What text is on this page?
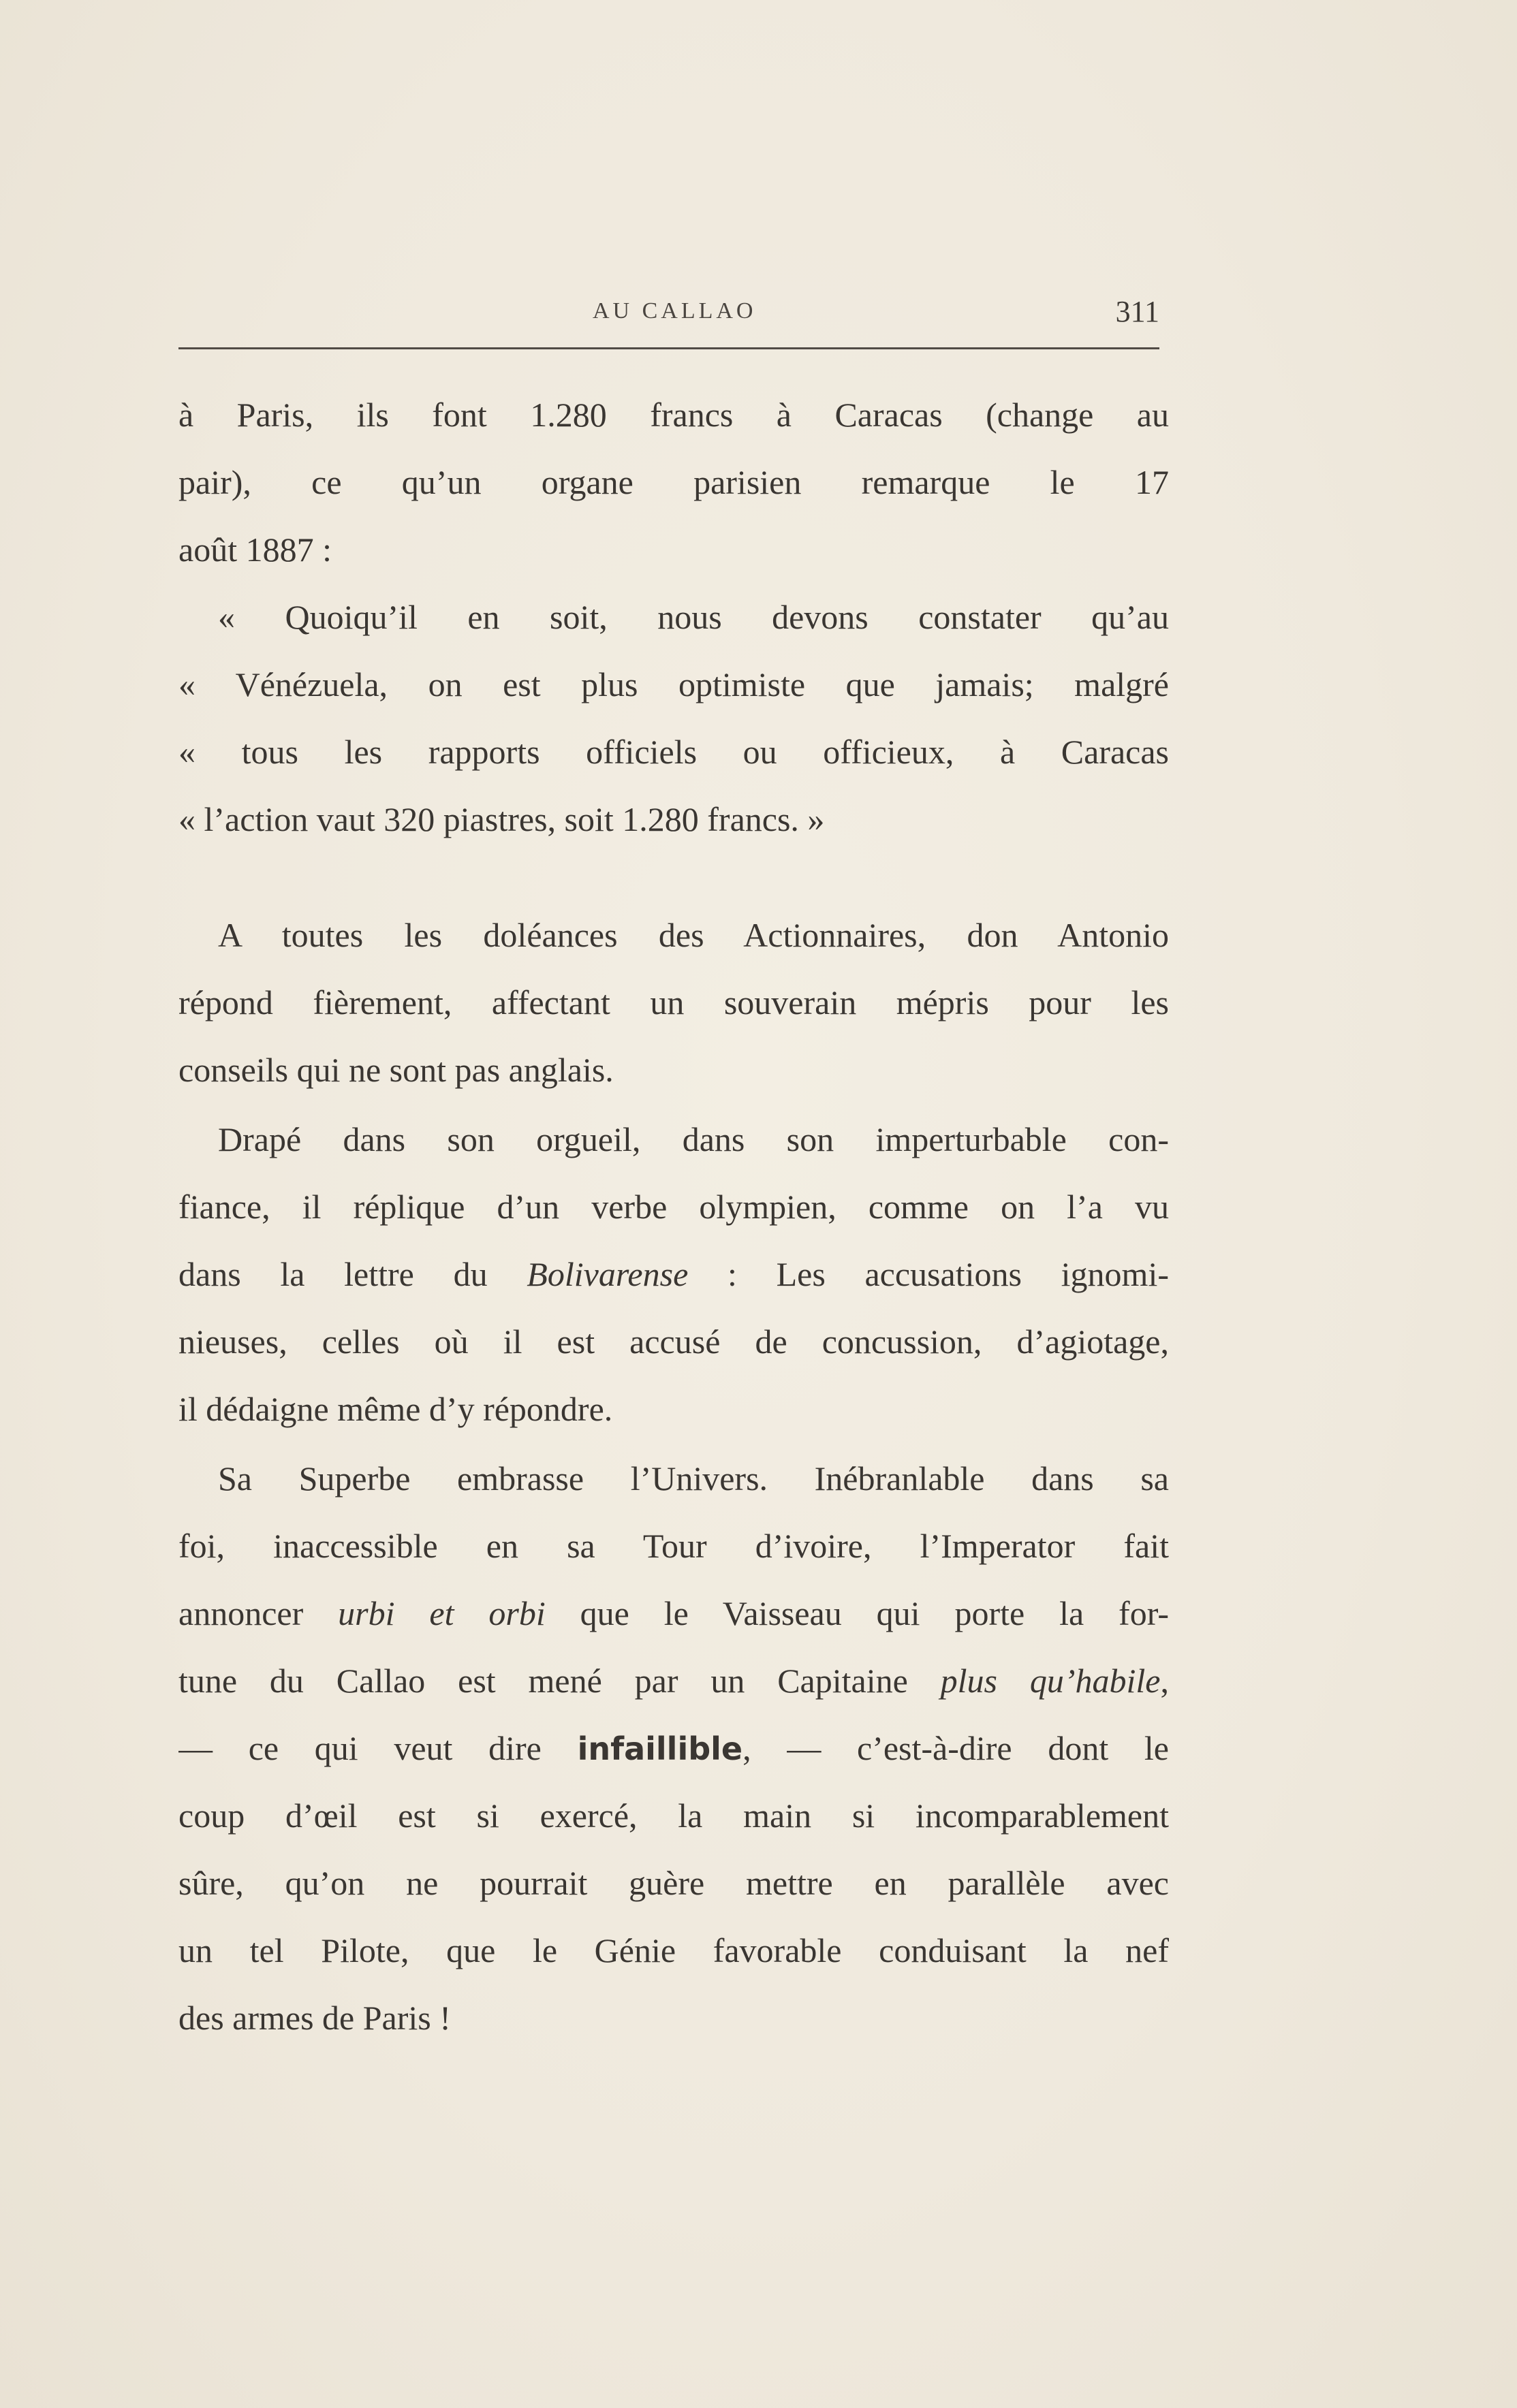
AU CALLAO	311
à Paris, ils font 1.280 francs à Caracas (change au
pair), ce qu’un organe parisien remarque le 17
août 1887 :
« Quoiqu’il en soit, nous devons constater qu’au
« Vénézuela, on est plus optimiste que jamais; malgré
« tous les rapports officiels ou officieux, à Caracas
« l’action vaut 320 piastres, soit 1.280 francs. »
A toutes les doléances des Actionnaires, don Antonio
répond fièrement, affectant un souverain mépris pour les
conseils qui ne sont pas anglais.
Drapé dans son orgueil, dans son imperturbable con-
fiance, il réplique d’un verbe olympien, comme on l’a vu
dans la lettre du Bolivarense : Les accusations ignomi-
nieuses, celles où il est accusé de concussion, d’agiotage,
il dédaigne même d’y répondre.
Sa Superbe embrasse l’Univers. Inébranlable dans sa
foi, inaccessible en sa Tour d’ivoire, l’Imperator fait
annoncer urbi et orbi que le Vaisseau qui porte la for-
tune du Callao est mené par un Capitaine plus qu’habile,
— ce qui veut dire infaillible, — c’est-à-dire dont le
coup d’œil est si exercé, la main si incomparablement
sûre, qu’on ne pourrait guère mettre en parallèle avec
un tel Pilote, que le Génie favorable conduisant la nef
des armes de Paris !
